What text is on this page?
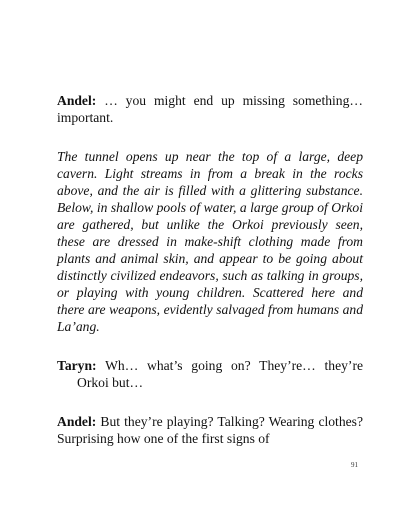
Andel: … you might end up missing something… important.

The tunnel opens up near the top of a large, deep cavern. Light streams in from a break in the rocks above, and the air is filled with a glittering substance. Below, in shallow pools of water, a large group of Orkoi are gathered, but unlike the Orkoi previously seen, these are dressed in make-shift clothing made from plants and animal skin, and appear to be going about distinctly civilized endeavors, such as talking in groups, or playing with young children. Scattered here and there are weapons, evidently salvaged from humans and La’ang.

Taryn: Wh… what’s going on? They’re… they’re Orkoi but…

Andel: But they’re playing? Talking? Wearing clothes? Surprising how one of the first signs of

91
